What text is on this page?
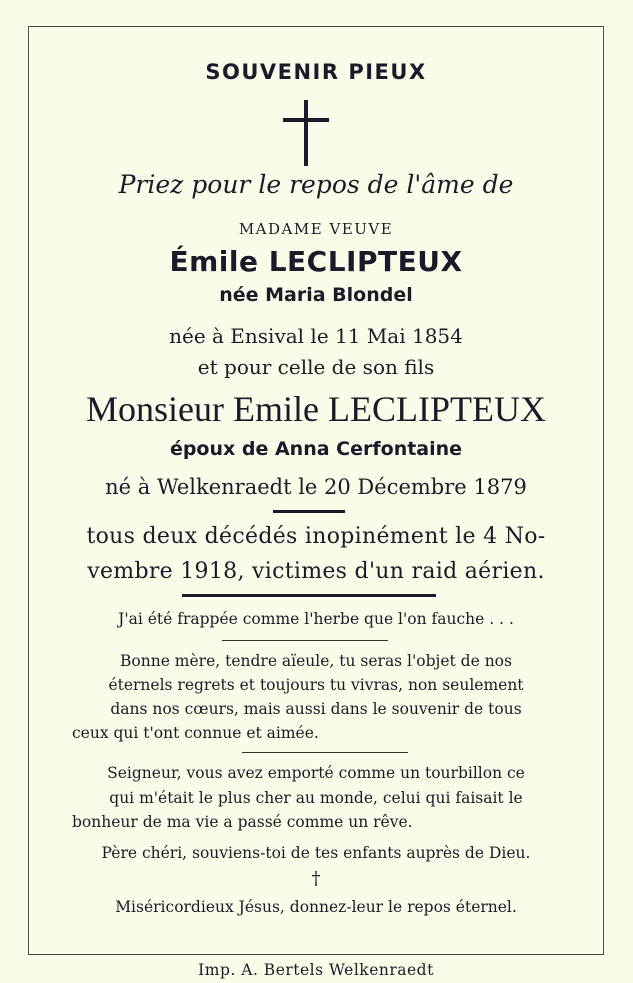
SOUVENIR PIEUX
Priez pour le repos de l'âme de
MADAME VEUVE
Émile LECLIPTEUX
née Maria Blondel
née à Ensival le 11 Mai 1854
et pour celle de son fils
Monsieur Emile LECLIPTEUX
époux de Anna Cerfontaine
né à Welkenraedt le 20 Décembre 1879
tous deux décédés inopinément le 4 No-
vembre 1918, victimes d'un raid aérien.
J'ai été frappée comme l'herbe que l'on fauche . . .
Bonne mère, tendre aïeule, tu seras l'objet de nos
éternels regrets et toujours tu vivras, non seulement
dans nos cœurs, mais aussi dans le souvenir de tous
ceux qui t'ont connue et aimée.
Seigneur, vous avez emporté comme un tourbillon ce
qui m'était le plus cher au monde, celui qui faisait le
bonheur de ma vie a passé comme un rêve.
Père chéri, souviens-toi de tes enfants auprès de Dieu.
†
Miséricordieux Jésus, donnez-leur le repos éternel.
Imp. A. Bertels Welkenraedt
